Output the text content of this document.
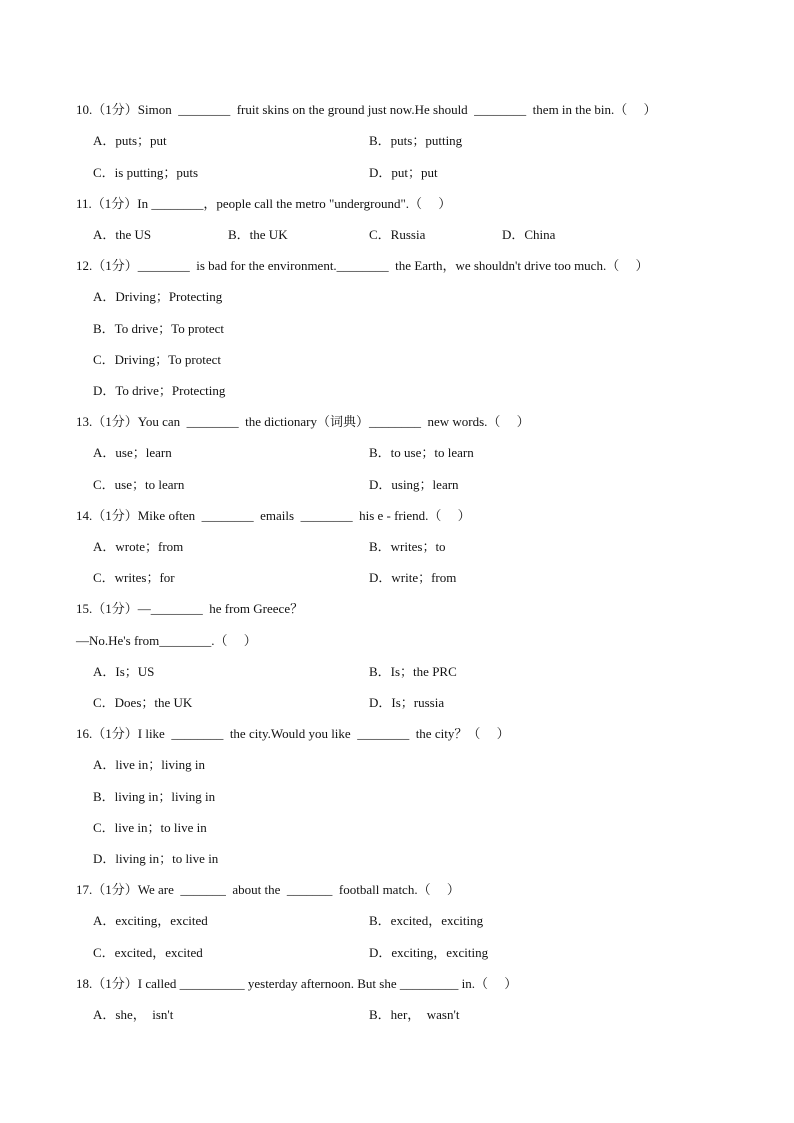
10.（1分）Simon  ________  fruit skins on the ground just now.He should  ________  them in the bin.（     ）
A．puts；put	B．puts；putting
C．is putting；puts	D．put；put
11.（1分）In ________，people call the metro "underground".（     ）
A．the US	B．the UK	C．Russia	D．China
12.（1分）________  is bad for the environment.________  the Earth，we shouldn't drive too much.（     ）
A．Driving；Protecting
B．To drive；To protect
C．Driving；To protect
D．To drive；Protecting
13.（1分）You can  ________  the dictionary（词典）________  new words.（     ）
A．use；learn	B．to use；to learn
C．use；to learn	D．using；learn
14.（1分）Mike often  ________  emails  ________  his e - friend.（     ）
A．wrote；from	B．writes；to
C．writes；for	D．write；from
15.（1分）—________  he from Greece？
—No.He's from________.（     ）
A．Is；US	B．Is；the PRC
C．Does；the UK	D．Is；russia
16.（1分）I like  ________  the city.Would you like  ________  the city？（     ）
A．live in；living in
B．living in；living in
C．live in；to live in
D．living in；to live in
17.（1分）We are  _______  about the  _______  football match.（     ）
A．exciting，excited	B．excited，exciting
C．excited，excited	D．exciting，exciting
18.（1分）I called __________ yesterday afternoon. But she _________ in.（     ）
A．she，  isn't	B．her，  wasn't
